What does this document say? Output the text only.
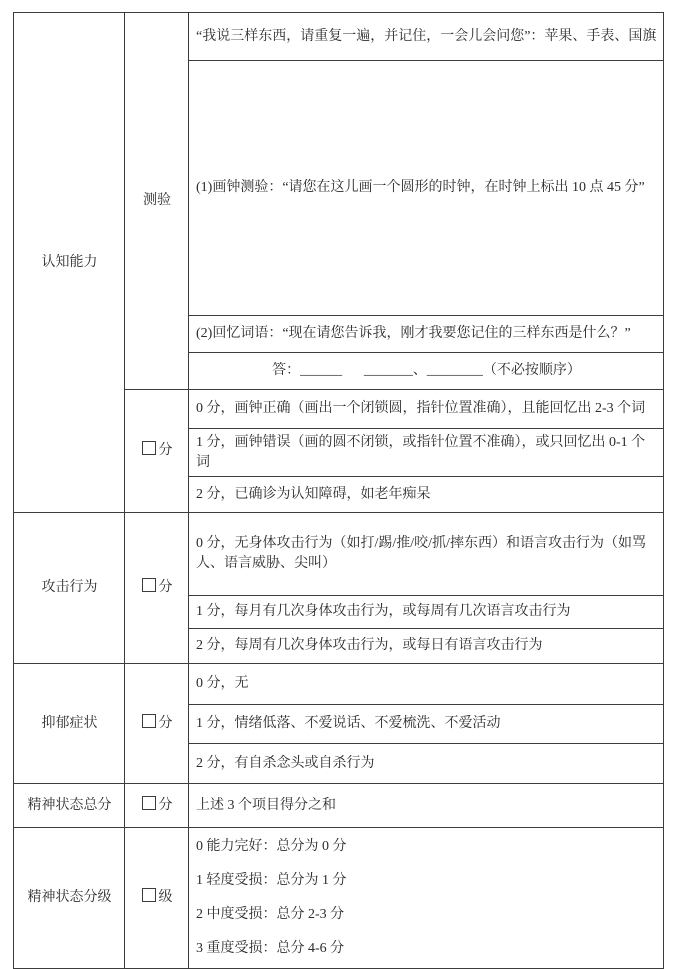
认知能力	测验	“我说三样东西，请重复一遍，并记住，一会儿会问您”：苹果、手表、国旗
		(1)画钟测验：“请您在这儿画一个圆形的时钟，在时钟上标出 10 点 45 分”
		(2)回忆词语：“现在请您告诉我，刚才我要您记住的三样东西是什么？”
		答：______、ْ_______、________（不必按顺序）
	分	0 分，画钟正确（画出一个闭锁圆，指针位置准确），且能回忆出 2-3 个词
		1 分，画钟错误（画的圆不闭锁，或指针位置不准确），或只回忆出 0-1 个词
		2 分，已确诊为认知障碍，如老年痴呆
攻击行为	分	0 分，无身体攻击行为（如打/踢/推/咬/抓/摔东西）和语言攻击行为（如骂人、语言威胁、尖叫）
		1 分，每月有几次身体攻击行为，或每周有几次语言攻击行为
		2 分，每周有几次身体攻击行为，或每日有语言攻击行为
抑郁症状	分	0 分，无
		1 分，情绪低落、不爱说话、不爱梳洗、不爱活动
		2 分，有自杀念头或自杀行为
精神状态总分	分	上述 3 个项目得分之和
精神状态分级	级	0 能力完好：总分为 0 分
1 轻度受损：总分为 1 分
2 中度受损：总分 2-3 分
3 重度受损：总分 4-6 分
